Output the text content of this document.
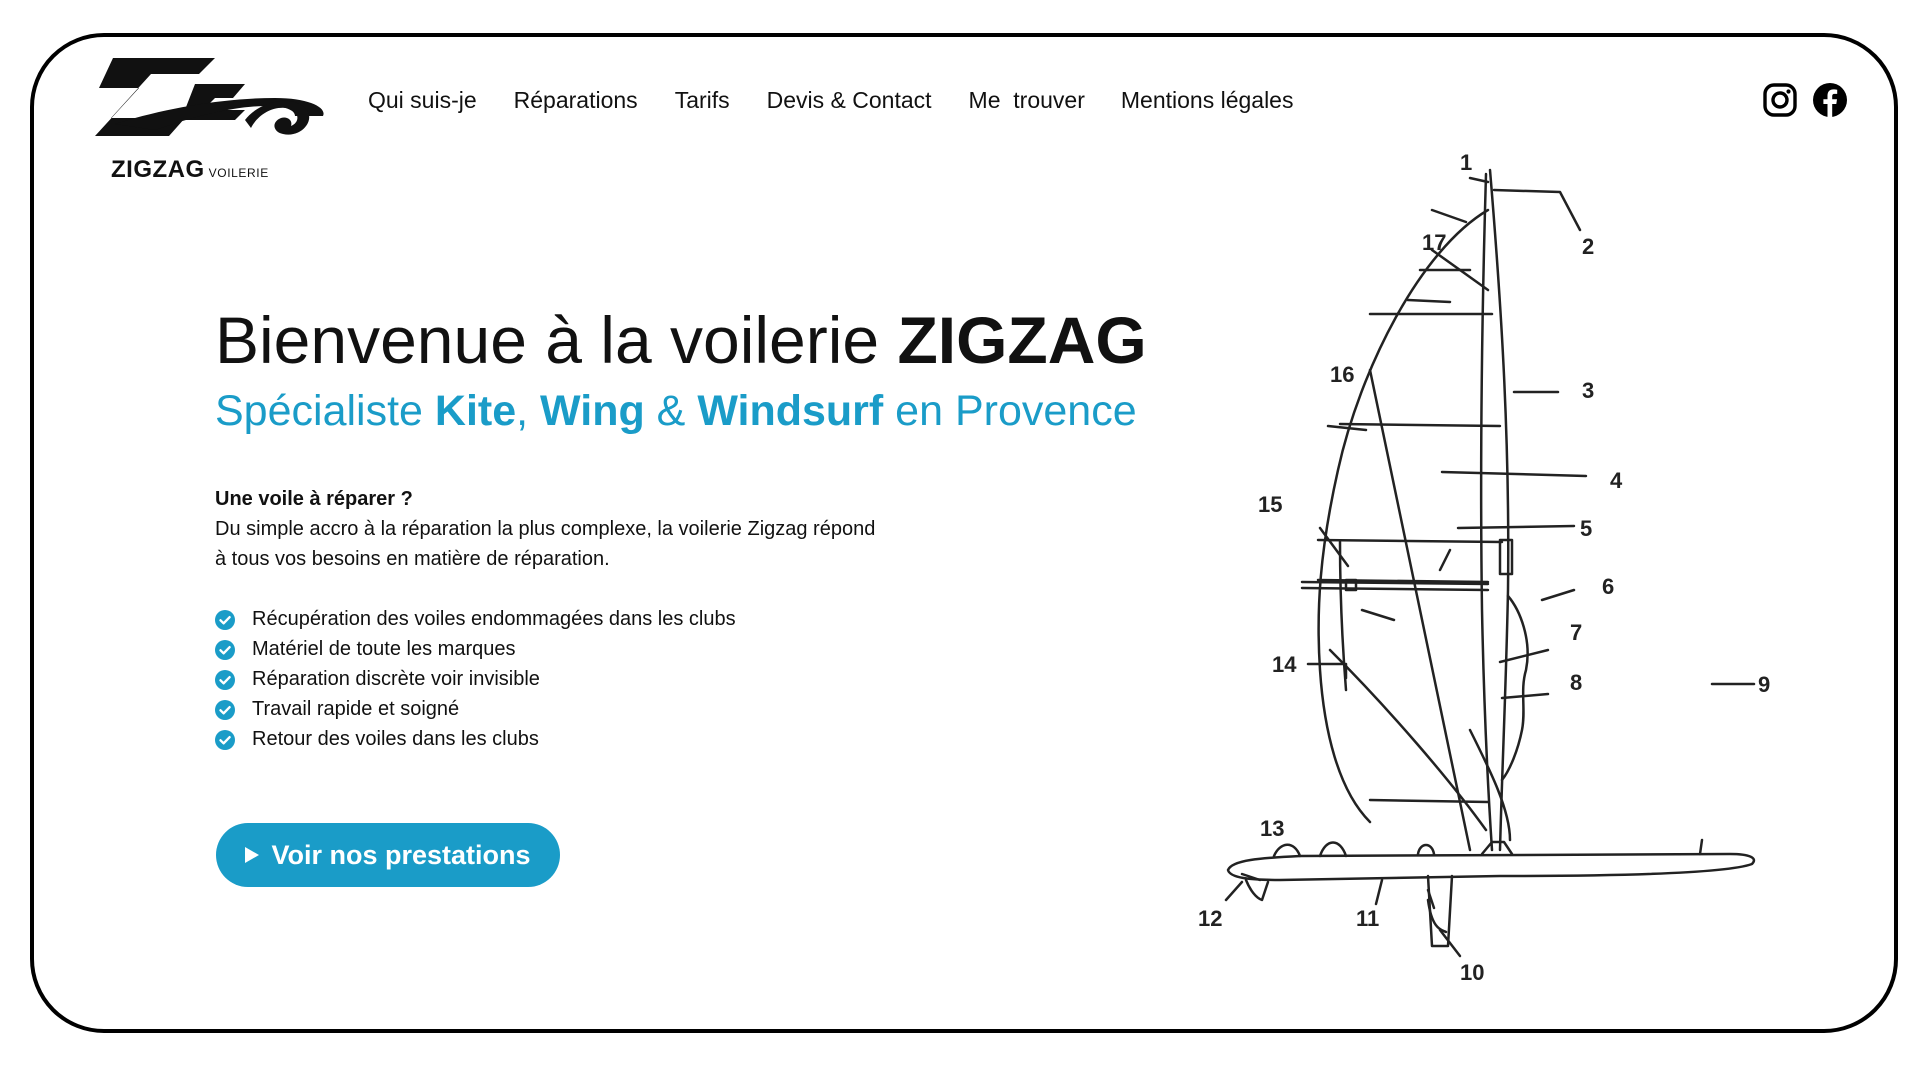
ZIGZAG VOILERIE
Qui suis-je Réparations Tarifs Devis & Contact Me  trouver Mentions légales
Bienvenue à la voilerie ZIGZAG
Spécialiste Kite, Wing & Windsurf en Provence
Une voile à réparer ?
Du simple accro à la réparation la plus complexe, la voilerie Zigzag répond
à tous vos besoins en matière de réparation.
Récupération des voiles endommagées dans les clubs
Matériel de toute les marques
Réparation discrète voir invisible
Travail rapide et soigné
Retour des voiles dans les clubs
Voir nos prestations
1
2
3
4
5
6
7
8	9
10
11
12
13
14
15
16
17
